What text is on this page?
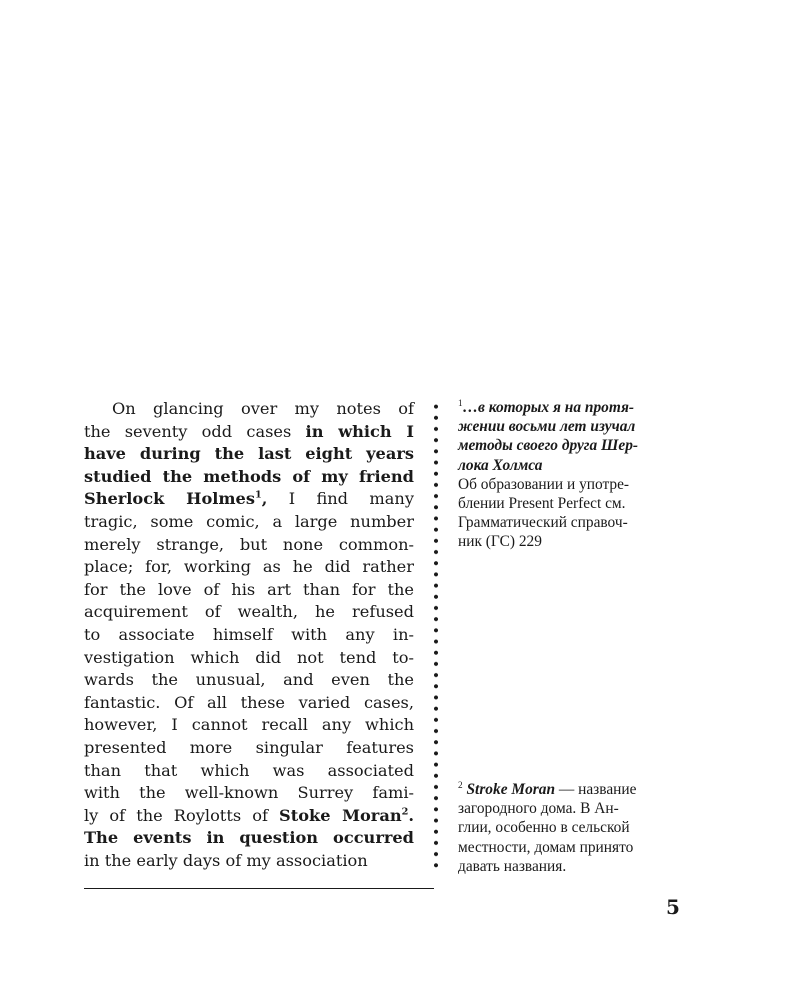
On glancing over my notes of
the seventy odd cases in which I
have during the last eight years
studied the methods of my friend
Sherlock Holmes$^1$, I find many
tragic, some comic, a large number
merely strange, but none common-
place; for, working as he did rather
for the love of his art than for the
acquirement of wealth, he refused
to associate himself with any in-
vestigation which did not tend to-
wards the unusual, and even the
fantastic. Of all these varied cases,
however, I cannot recall any which
presented more singular features
than that which was associated
with the well-known Surrey fami-
ly of the Roylotts of Stoke Moran$^2$.
The events in question occurred
in the early days of my association
$^1$…в которых я на протя-
жении восьми лет изучал
методы своего друга Шер-
лока Холмса
Об образовании и употре-
блении Present Perfect см.
Грамматический справоч-
ник (ГС) 229
$^2$ Stroke Moran — название
загородного дома. В Ан-
глии, особенно в сельской
местности, домам принято
давать названия.
5
